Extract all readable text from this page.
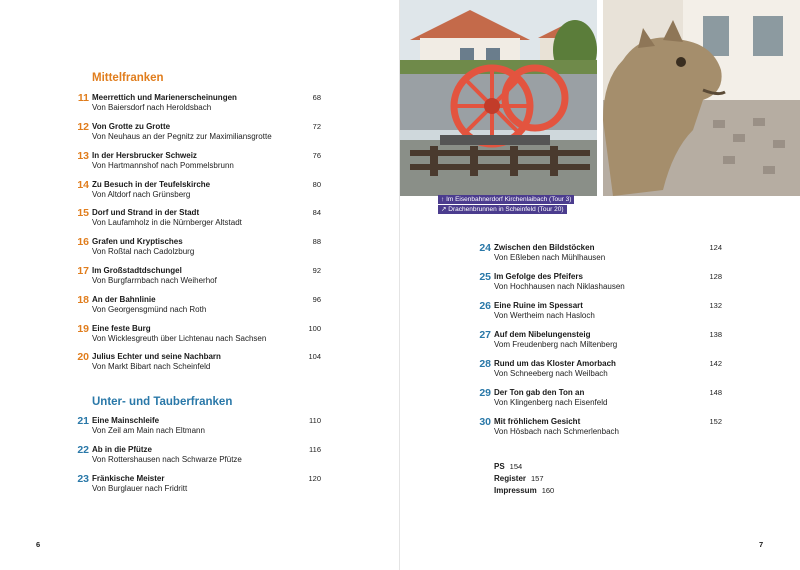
↑ Im Eisenbahnerdorf Kirchenlaibach (Tour 3)
↗ Drachenbrunnen in Scheinfeld (Tour 20)
Mittelfranken
Unter- und Tauberfranken
11 Meerrettich und Marienerscheinungen
Von Baiersdorf nach Heroldsbach
68
12 Von Grotte zu Grotte
Von Neuhaus an der Pegnitz zur Maximiliansgrotte
72
13 In der Hersbrucker Schweiz
Von Hartmannshof nach Pommelsbrunn
76
14 Zu Besuch in der Teufelskirche
Von Altdorf nach Grünsberg
80
15 Dorf und Strand in der Stadt
Von Laufamholz in die Nürnberger Altstadt
84
16 Grafen und Kryptisches
Von Roßtal nach Cadolzburg
88
17 Im Großstadtdschungel
Von Burgfarrnbach nach Weiherhof
92
18 An der Bahnlinie
Von Georgensgmünd nach Roth
96
19 Eine feste Burg
Von Wicklesgreuth über Lichtenau nach Sachsen
100
20 Julius Echter und seine Nachbarn
Von Markt Bibart nach Scheinfeld
104
21 Eine Mainschleife
Von Zeil am Main nach Eltmann
110
22 Ab in die Pfütze
Von Rottershausen nach Schwarze Pfütze
116
23 Fränkische Meister
Von Burglauer nach Fridritt
120
24 Zwischen den Bildstöcken
Von Eßleben nach Mühlhausen
124
25 Im Gefolge des Pfeifers
Von Hochhausen nach Niklashausen
128
26 Eine Ruine im Spessart
Von Wertheim nach Hasloch
132
27 Auf dem Nibelungensteig
Vom Freudenberg nach Miltenberg
138
28 Rund um das Kloster Amorbach
Von Schneeberg nach Weilbach
142
29 Der Ton gab den Ton an
Von Klingenberg nach Eisenfeld
148
30 Mit fröhlichem Gesicht
Von Hösbach nach Schmerlenbach
152
PS 154
Register 157
Impressum 160
6	7
